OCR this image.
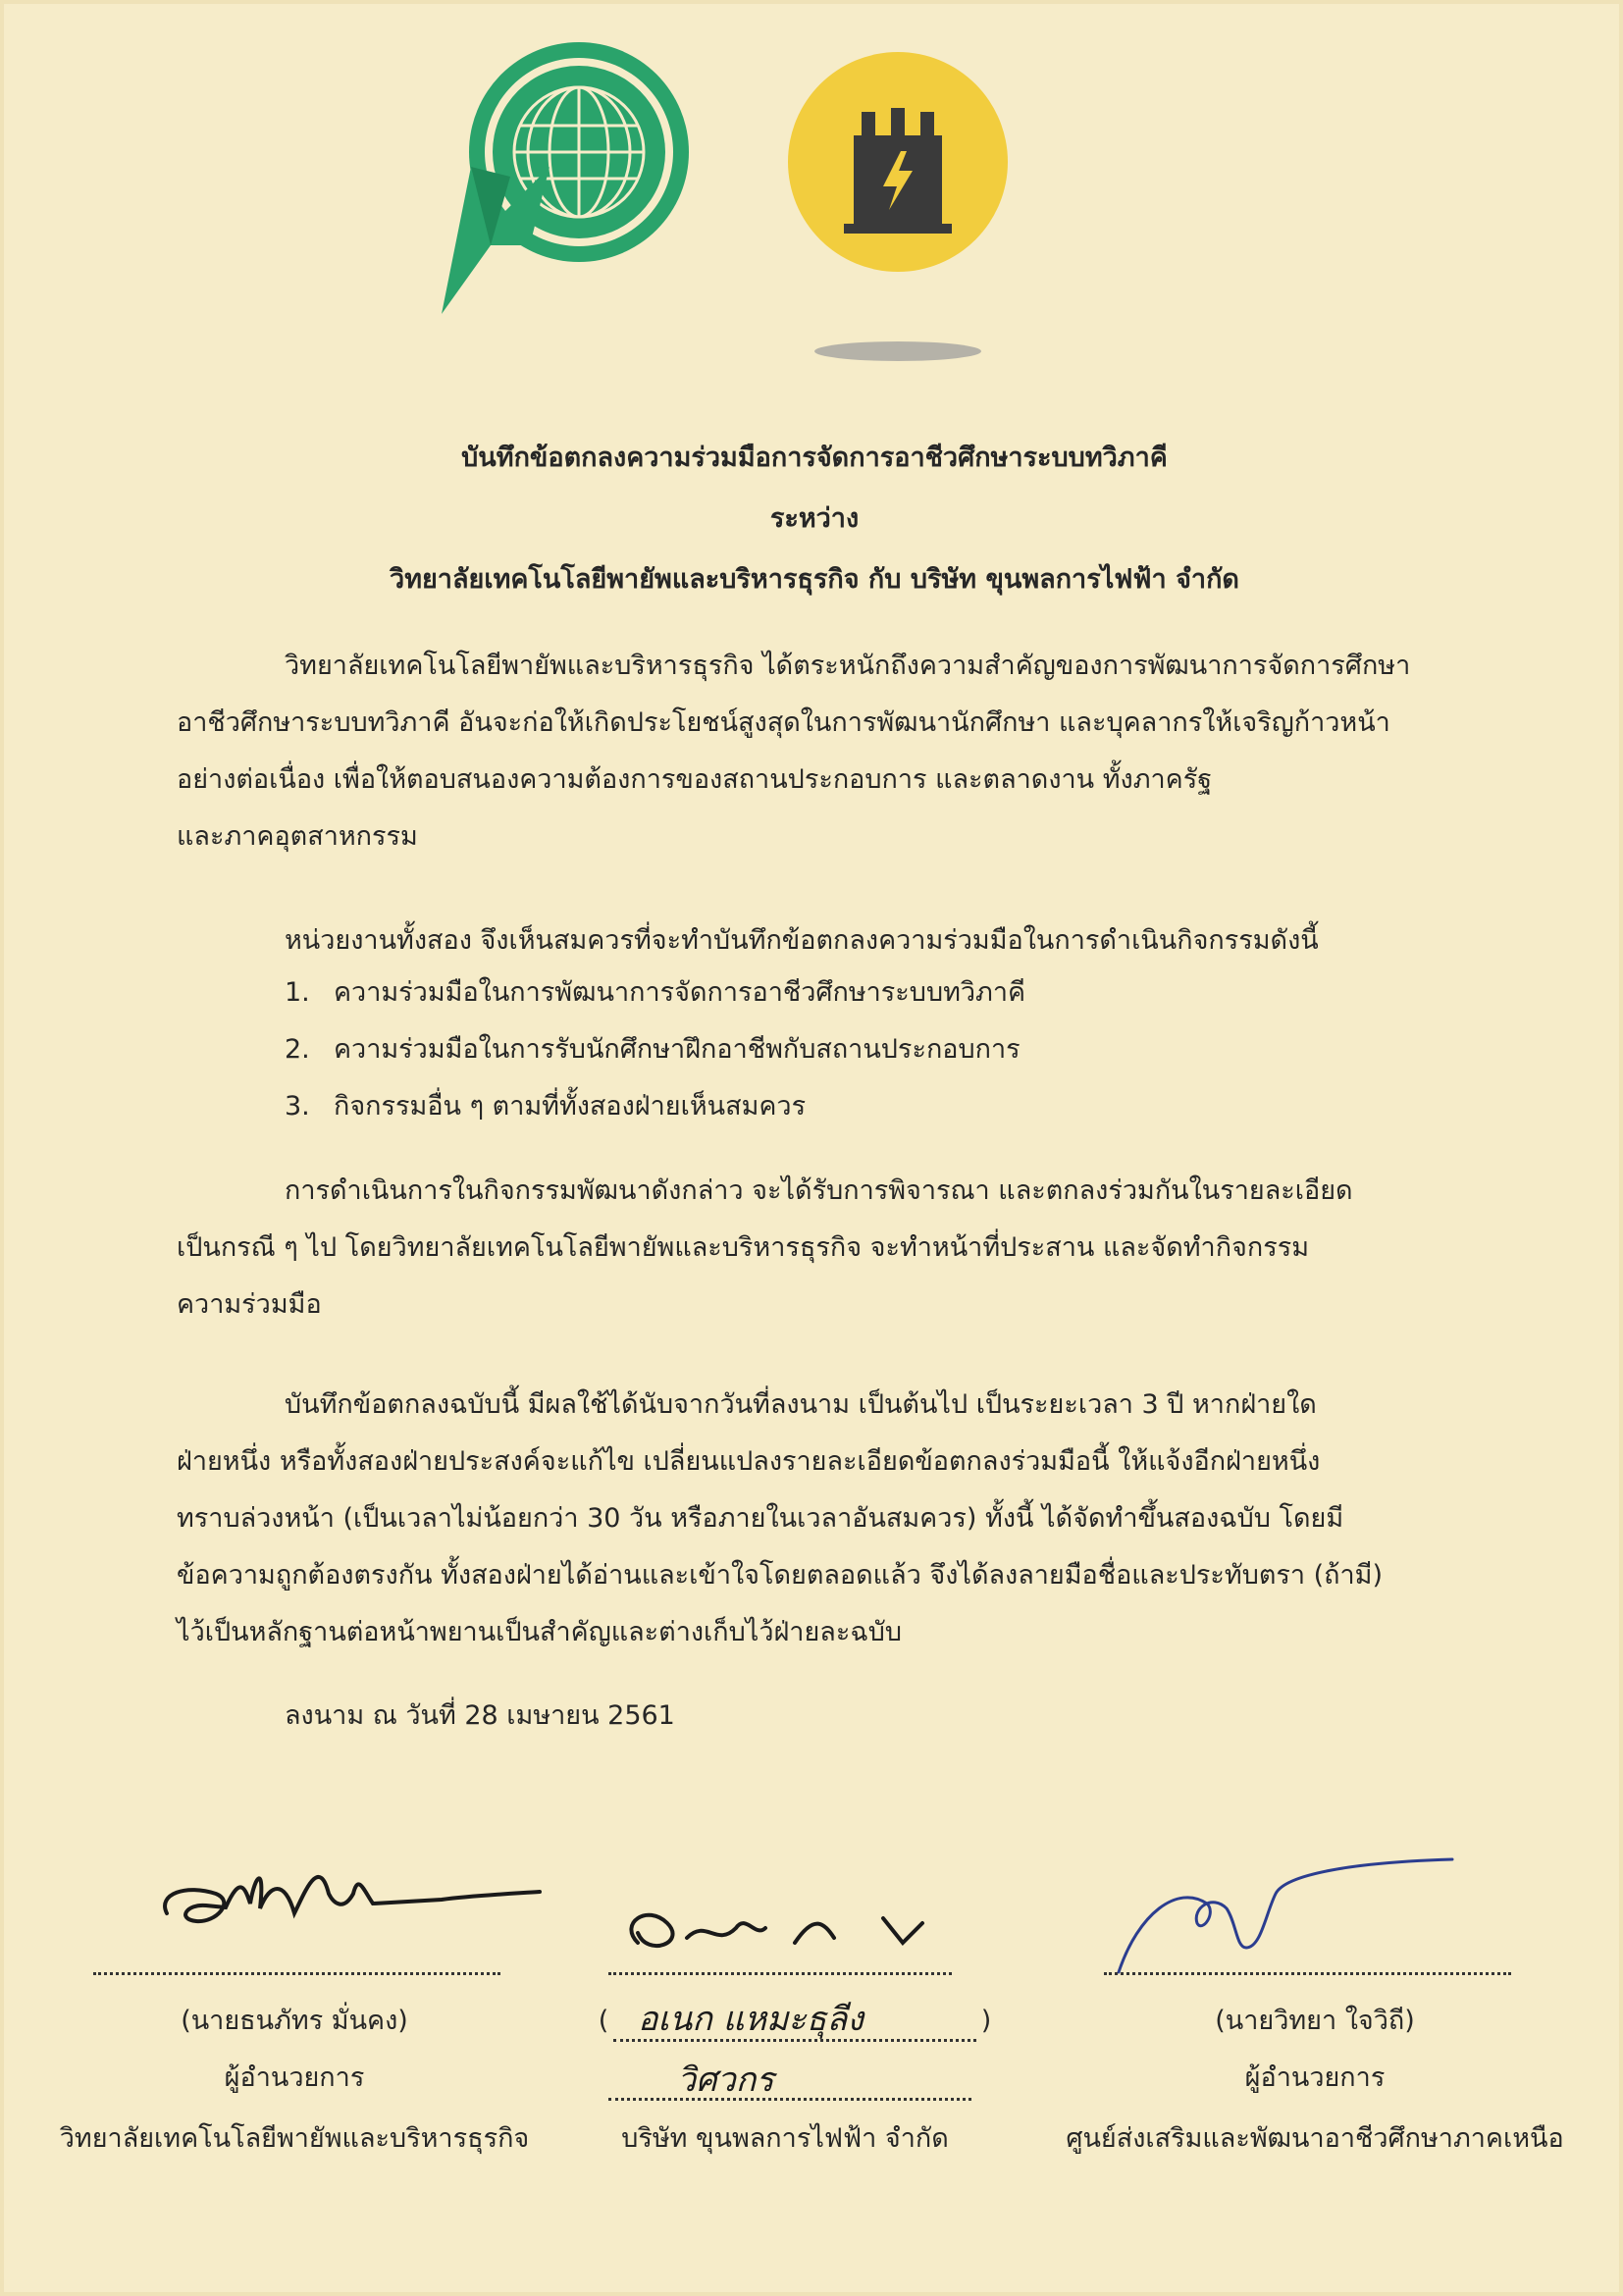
บันทึกข้อตกลงความร่วมมือการจัดการอาชีวศึกษาระบบทวิภาคี
ระหว่าง
วิทยาลัยเทคโนโลยีพายัพและบริหารธุรกิจ กับ บริษัท ขุนพลการไฟฟ้า จำกัด
วิทยาลัยเทคโนโลยีพายัพและบริหารธุรกิจ ได้ตระหนักถึงความสำคัญของการพัฒนาการจัดการศึกษา
อาชีวศึกษาระบบทวิภาคี อันจะก่อให้เกิดประโยชน์สูงสุดในการพัฒนานักศึกษา และบุคลากรให้เจริญก้าวหน้า
อย่างต่อเนื่อง เพื่อให้ตอบสนองความต้องการของสถานประกอบการ และตลาดงาน ทั้งภาครัฐ
และภาคอุตสาหกรรม
หน่วยงานทั้งสอง จึงเห็นสมควรที่จะทำบันทึกข้อตกลงความร่วมมือในการดำเนินกิจกรรมดังนี้
1. ความร่วมมือในการพัฒนาการจัดการอาชีวศึกษาระบบทวิภาคี
2. ความร่วมมือในการรับนักศึกษาฝึกอาชีพกับสถานประกอบการ
3. กิจกรรมอื่น ๆ ตามที่ทั้งสองฝ่ายเห็นสมควร
การดำเนินการในกิจกรรมพัฒนาดังกล่าว จะได้รับการพิจารณา และตกลงร่วมกันในรายละเอียด
เป็นกรณี ๆ ไป โดยวิทยาลัยเทคโนโลยีพายัพและบริหารธุรกิจ จะทำหน้าที่ประสาน และจัดทำกิจกรรม
ความร่วมมือ
บันทึกข้อตกลงฉบับนี้ มีผลใช้ได้นับจากวันที่ลงนาม เป็นต้นไป เป็นระยะเวลา 3 ปี หากฝ่ายใด
ฝ่ายหนึ่ง หรือทั้งสองฝ่ายประสงค์จะแก้ไข เปลี่ยนแปลงรายละเอียดข้อตกลงร่วมมือนี้ ให้แจ้งอีกฝ่ายหนึ่ง
ทราบล่วงหน้า (เป็นเวลาไม่น้อยกว่า 30 วัน หรือภายในเวลาอันสมควร) ทั้งนี้ ได้จัดทำขึ้นสองฉบับ โดยมี
ข้อความถูกต้องตรงกัน ทั้งสองฝ่ายได้อ่านและเข้าใจโดยตลอดแล้ว จึงได้ลงลายมือชื่อและประทับตรา (ถ้ามี)
ไว้เป็นหลักฐานต่อหน้าพยานเป็นสำคัญและต่างเก็บไว้ฝ่ายละฉบับ
ลงนาม ณ วันที่ 28 เมษายน 2561
(นายธนภัทร มั่นคง)
ผู้อำนวยการ
วิทยาลัยเทคโนโลยีพายัพและบริหารธุรกิจ
( อเนก แหมะธุลีง	)
วิศวกร
บริษัท ขุนพลการไฟฟ้า จำกัด
(นายวิทยา ใจวิถี)
ผู้อำนวยการ
ศูนย์ส่งเสริมและพัฒนาอาชีวศึกษาภาคเหนือ
